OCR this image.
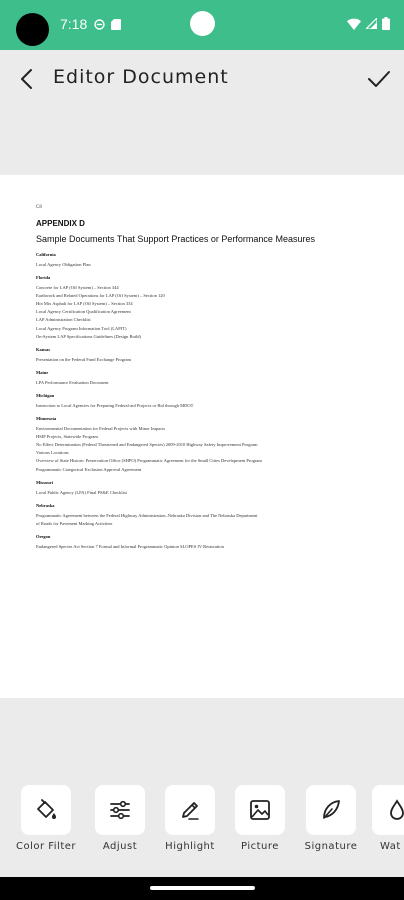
7:18
Editor Document
C8
APPENDIX D
Sample Documents That Support Practices or Performance Measures
California
Local Agency Obligation Plan
Florida
Concrete for LAP (Off System) – Section 344
Earthwork and Related Operations for LAP (Off System) – Section 120
Hot Mix Asphalt for LAP (Off System) – Section 334
Local Agency Certification Qualification Agreement
LAP Administration Checklist
Local Agency Program Information Tool (LAPIT)
On-System LAP Specifications Guidelines (Design Build)
Kansas
Presentation on the Federal Fund Exchange Program
Maine
LPA Performance Evaluation Document
Michigan
Instruction to Local Agencies for Preparing Federal-aid Projects or Bid through MDOT
Minnesota
Environmental Documentation for Federal Projects with Minor Impacts
HSIP Projects, Statewide Program
No Effect Determination (Federal Threatened and Endangered Species) 2009-2010 Highway Safety Improvement Program
Various Locations
Overview of State Historic Preservation Office (SHPO) Programmatic Agreement for the Small Cities Development Program
Programmatic Categorical Exclusion Approval Agreement
Missouri
Local Public Agency (LPA) Final PS&E Checklist
Nebraska
Programmatic Agreement between the Federal Highway Administration–Nebraska Division and The Nebraska Department
of Roads for Pavement Marking Activities
Oregon
Endangered Species Act Section 7 Formal and Informal Programmatic Opinion SLOPES IV Restoration
Color Filter	Adjust	Highlight	Picture	Signature	Wat
